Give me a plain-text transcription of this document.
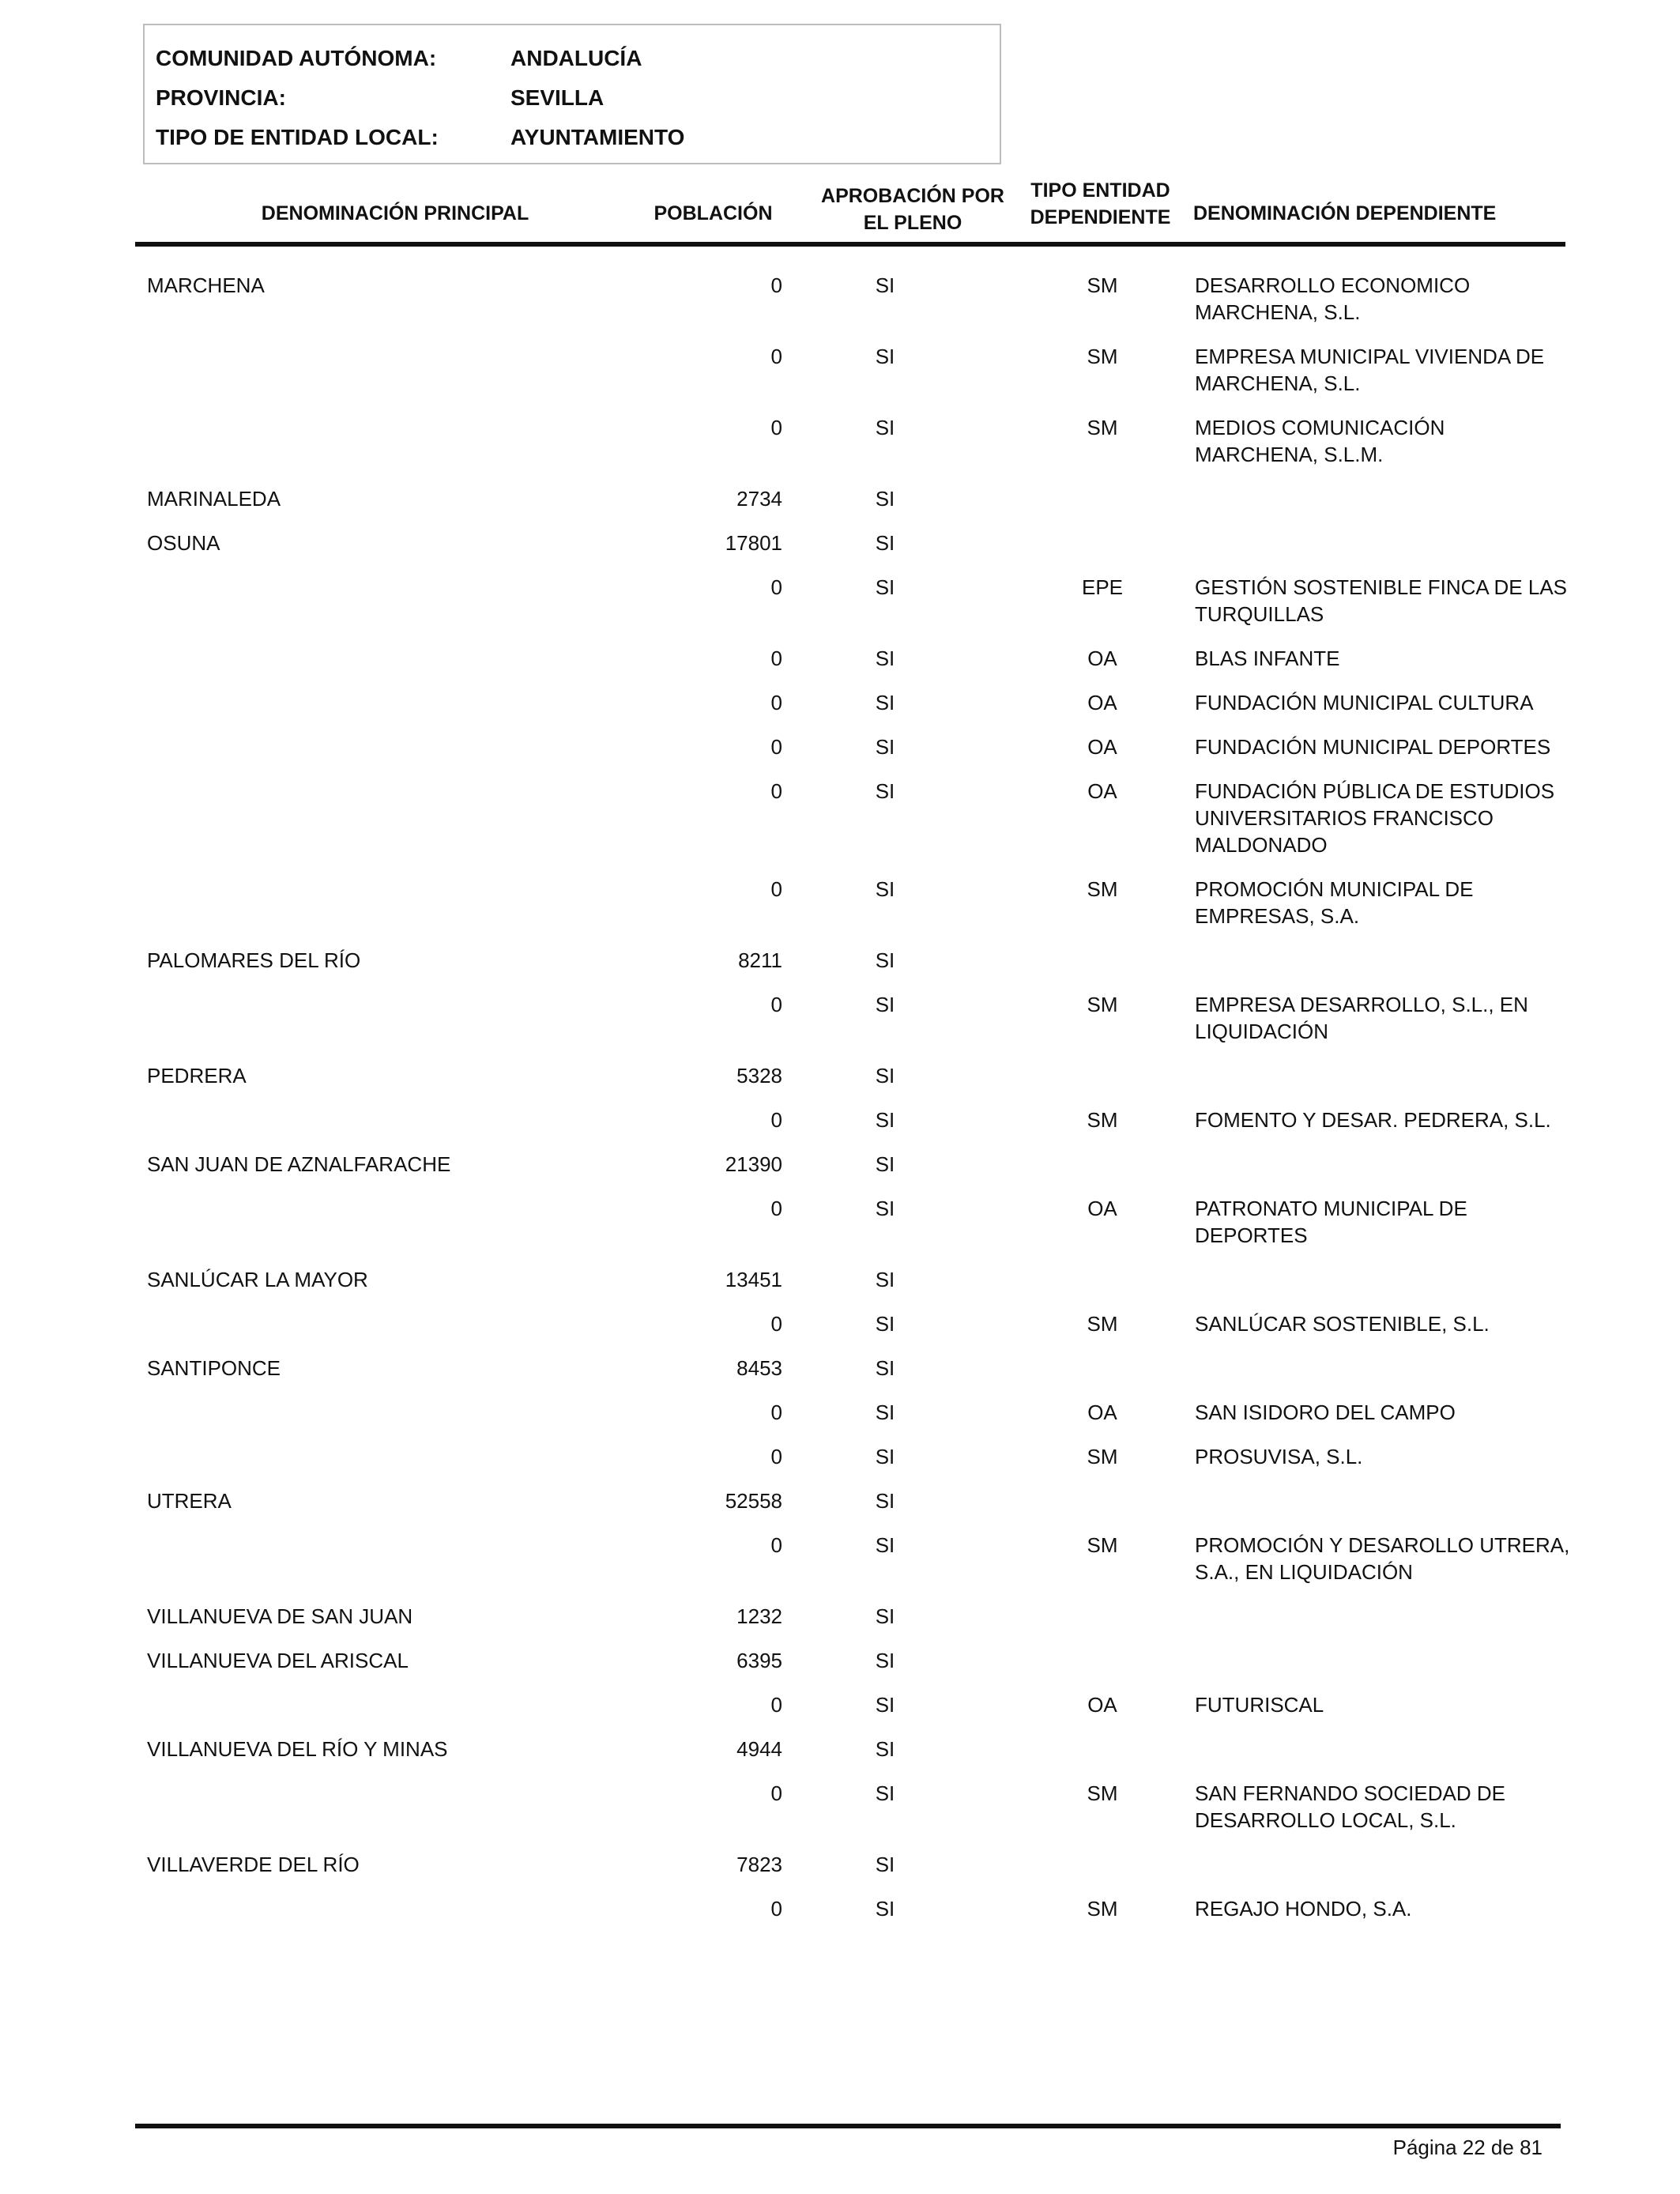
COMUNIDAD AUTÓNOMA:	ANDALUCÍA
PROVINCIA:	SEVILLA
TIPO DE ENTIDAD LOCAL:	AYUNTAMIENTO
DENOMINACIÓN PRINCIPAL	POBLACIÓN
APROBACIÓN POR
EL PLENO
TIPO ENTIDAD
DEPENDIENTE	DENOMINACIÓN DEPENDIENTE
MARCHENA	0	SI	SM	DESARROLLO ECONOMICO
MARCHENA, S.L.
0	SI	SM	EMPRESA MUNICIPAL VIVIENDA DE
MARCHENA, S.L.
0	SI	SM	MEDIOS COMUNICACIÓN
MARCHENA, S.L.M.
MARINALEDA	2734	SI
OSUNA	17801	SI
0	SI	EPE	GESTIÓN SOSTENIBLE FINCA DE LAS
TURQUILLAS
0	SI	OA	BLAS INFANTE
0	SI	OA	FUNDACIÓN MUNICIPAL CULTURA
0	SI	OA	FUNDACIÓN MUNICIPAL DEPORTES
0	SI	OA	FUNDACIÓN PÚBLICA DE ESTUDIOS
UNIVERSITARIOS FRANCISCO
MALDONADO
0	SI	SM	PROMOCIÓN MUNICIPAL DE
EMPRESAS, S.A.
PALOMARES DEL RÍO	8211	SI
0	SI	SM	EMPRESA DESARROLLO, S.L., EN
LIQUIDACIÓN
PEDRERA	5328	SI
0	SI	SM	FOMENTO Y DESAR. PEDRERA, S.L.
SAN JUAN DE AZNALFARACHE	21390	SI
0	SI	OA	PATRONATO MUNICIPAL DE
DEPORTES
SANLÚCAR LA MAYOR	13451	SI
0	SI	SM	SANLÚCAR SOSTENIBLE, S.L.
SANTIPONCE	8453	SI
0	SI	OA	SAN ISIDORO DEL CAMPO
0	SI	SM	PROSUVISA, S.L.
UTRERA	52558	SI
0	SI	SM	PROMOCIÓN Y DESAROLLO UTRERA,
S.A., EN LIQUIDACIÓN
VILLANUEVA DE SAN JUAN	1232	SI
VILLANUEVA DEL ARISCAL	6395	SI
0	SI	OA	FUTURISCAL
VILLANUEVA DEL RÍO Y MINAS	4944	SI
0	SI	SM	SAN FERNANDO SOCIEDAD DE
DESARROLLO LOCAL, S.L.
VILLAVERDE DEL RÍO	7823	SI
0	SI	SM	REGAJO HONDO, S.A.
Página 22 de 81
